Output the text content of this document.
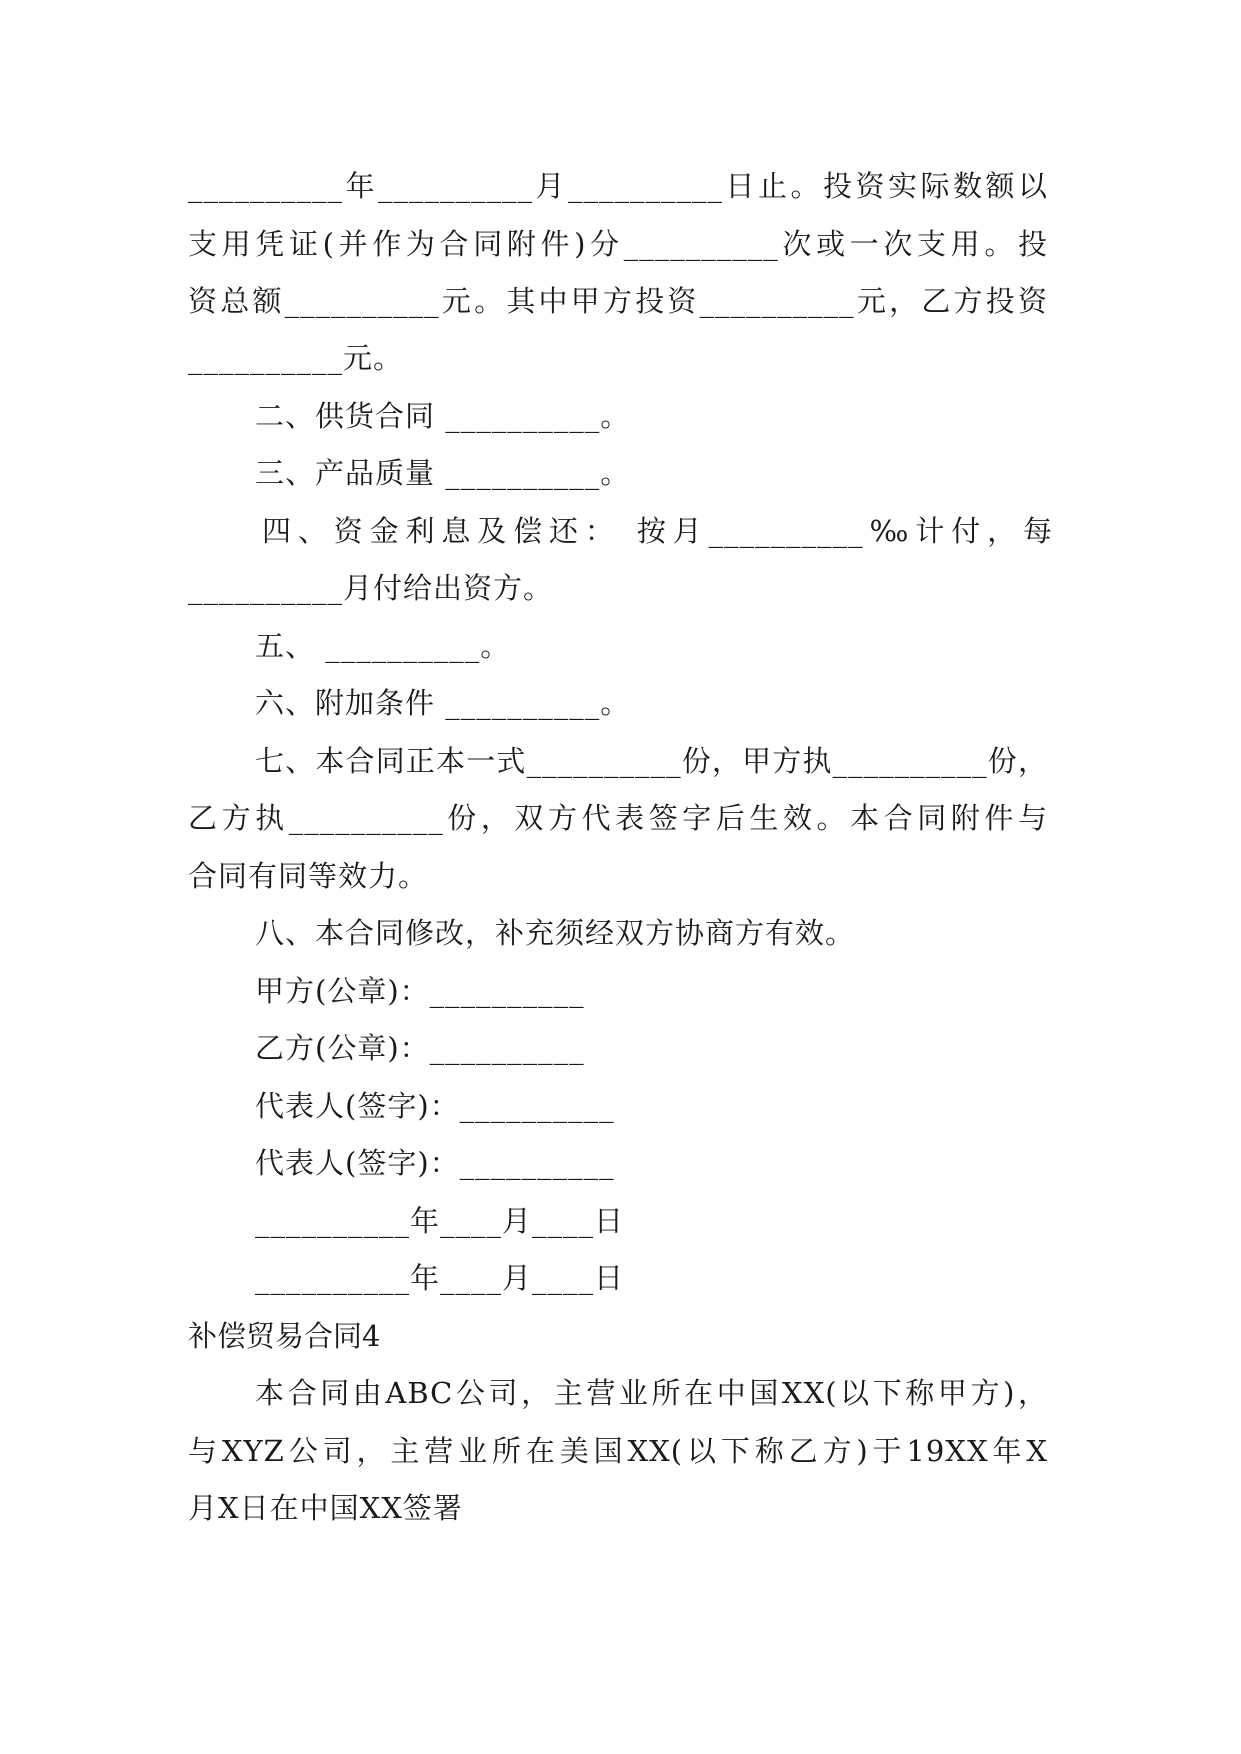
__________年__________月__________日止。投资实际数额以
支用凭证(并作为合同附件)分__________次或一次支用。投
资总额__________元。其中甲方投资__________元，乙方投资
__________元。
二、供货合同 __________。
三、产品质量 __________。
四、资金利息及偿还： 按月__________‰计付，每
__________月付给出资方。
五、 __________。
六、附加条件 __________。
七、本合同正本一式__________份，甲方执__________份，
乙方执__________份，双方代表签字后生效。本合同附件与
合同有同等效力。
八、本合同修改，补充须经双方协商方有效。
甲方(公章)：__________
乙方(公章)：__________
代表人(签字)：__________
代表人(签字)：__________
__________年____月____日
__________年____月____日
补偿贸易合同4
本合同由ABC公司，主营业所在中国XX(以下称甲方)，
与XYZ公司，主营业所在美国XX(以下称乙方)于19XX年X
月X日在中国XX签署
